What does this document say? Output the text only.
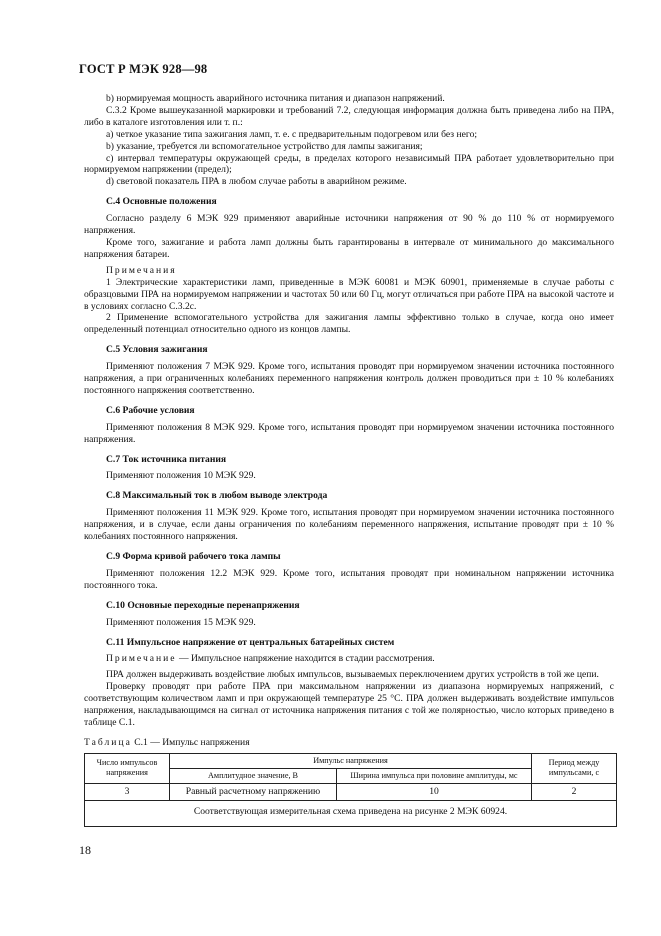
ГОСТ Р МЭК 928—98

b) нормируемая мощность аварийного источника питания и диапазон напряжений.

С.3.2 Кроме вышеуказанной маркировки и требований 7.2, следующая информация должна быть приведена либо на ПРА, либо в каталоге изготовления или т. п.:

a) четкое указание типа зажигания ламп, т. е. с предварительным подогревом или без него;

b) указание, требуется ли вспомогательное устройство для лампы зажигания;

c) интервал температуры окружающей среды, в пределах которого независимый ПРА работает удовлетворительно при нормируемом напряжении (предел);

d) световой показатель ПРА в любом случае работы в аварийном режиме.

С.4 Основные положения

Согласно разделу 6 МЭК 929 применяют аварийные источники напряжения от 90 % до 110 % от нормируемого напряжения.

Кроме того, зажигание и работа ламп должны быть гарантированы в интервале от минимального до максимального напряжения батареи.

Примечания

1 Электрические характеристики ламп, приведенные в МЭК 60081 и МЭК 60901, применяемые в случае работы с образцовыми ПРА на нормируемом напряжении и частотах 50 или 60 Гц, могут отличаться при работе ПРА на высокой частоте и в условиях согласно С.3.2с.

2 Применение вспомогательного устройства для зажигания лампы эффективно только в случае, когда оно имеет определенный потенциал относительно одного из концов лампы.

С.5 Условия зажигания

Применяют положения 7 МЭК 929. Кроме того, испытания проводят при нормируемом значении источника постоянного напряжения, а при ограниченных колебаниях переменного напряжения контроль должен проводиться при ± 10 % колебаниях постоянного напряжения соответственно.

С.6 Рабочие условия

Применяют положения 8 МЭК 929. Кроме того, испытания проводят при нормируемом значении источника постоянного напряжения.

С.7 Ток источника питания

Применяют положения 10 МЭК 929.

С.8 Максимальный ток в любом выводе электрода

Применяют положения 11 МЭК 929. Кроме того, испытания проводят при нормируемом значении источника постоянного напряжения, и в случае, если даны ограничения по колебаниям переменного напряжения, испытание проводят при ± 10 % колебаниях постоянного напряжения.

С.9 Форма кривой рабочего тока лампы

Применяют положения 12.2 МЭК 929. Кроме того, испытания проводят при номинальном напряжении источника постоянного тока.

С.10 Основные переходные перенапряжения

Применяют положения 15 МЭК 929.

С.11 Импульсное напряжение от центральных батарейных систем

Примечание — Импульсное напряжение находится в стадии рассмотрения.

ПРА должен выдерживать воздействие любых импульсов, вызываемых переключением других устройств в той же цепи.

Проверку проводят при работе ПРА при максимальном напряжении из диапазона нормируемых напряжений, с соответствующим количеством ламп и при окружающей температуре 25 °С. ПРА должен выдерживать воздействие импульсов напряжения, накладывающимся на сигнал от источника напряжения питания с той же полярностью, число которых приведено в таблице С.1.

Таблица С.1 — Импульс напряжения
Число импульсов напряжения	Импульс напряжения		Период между импульсами, с
	Амплитудное значение, В	Ширина импульса при половине амплитуды, мс	
3	Равный расчетному напряжению	10	2
Соответствующая измерительная схема приведена на рисунке 2 МЭК 60924.			
18
